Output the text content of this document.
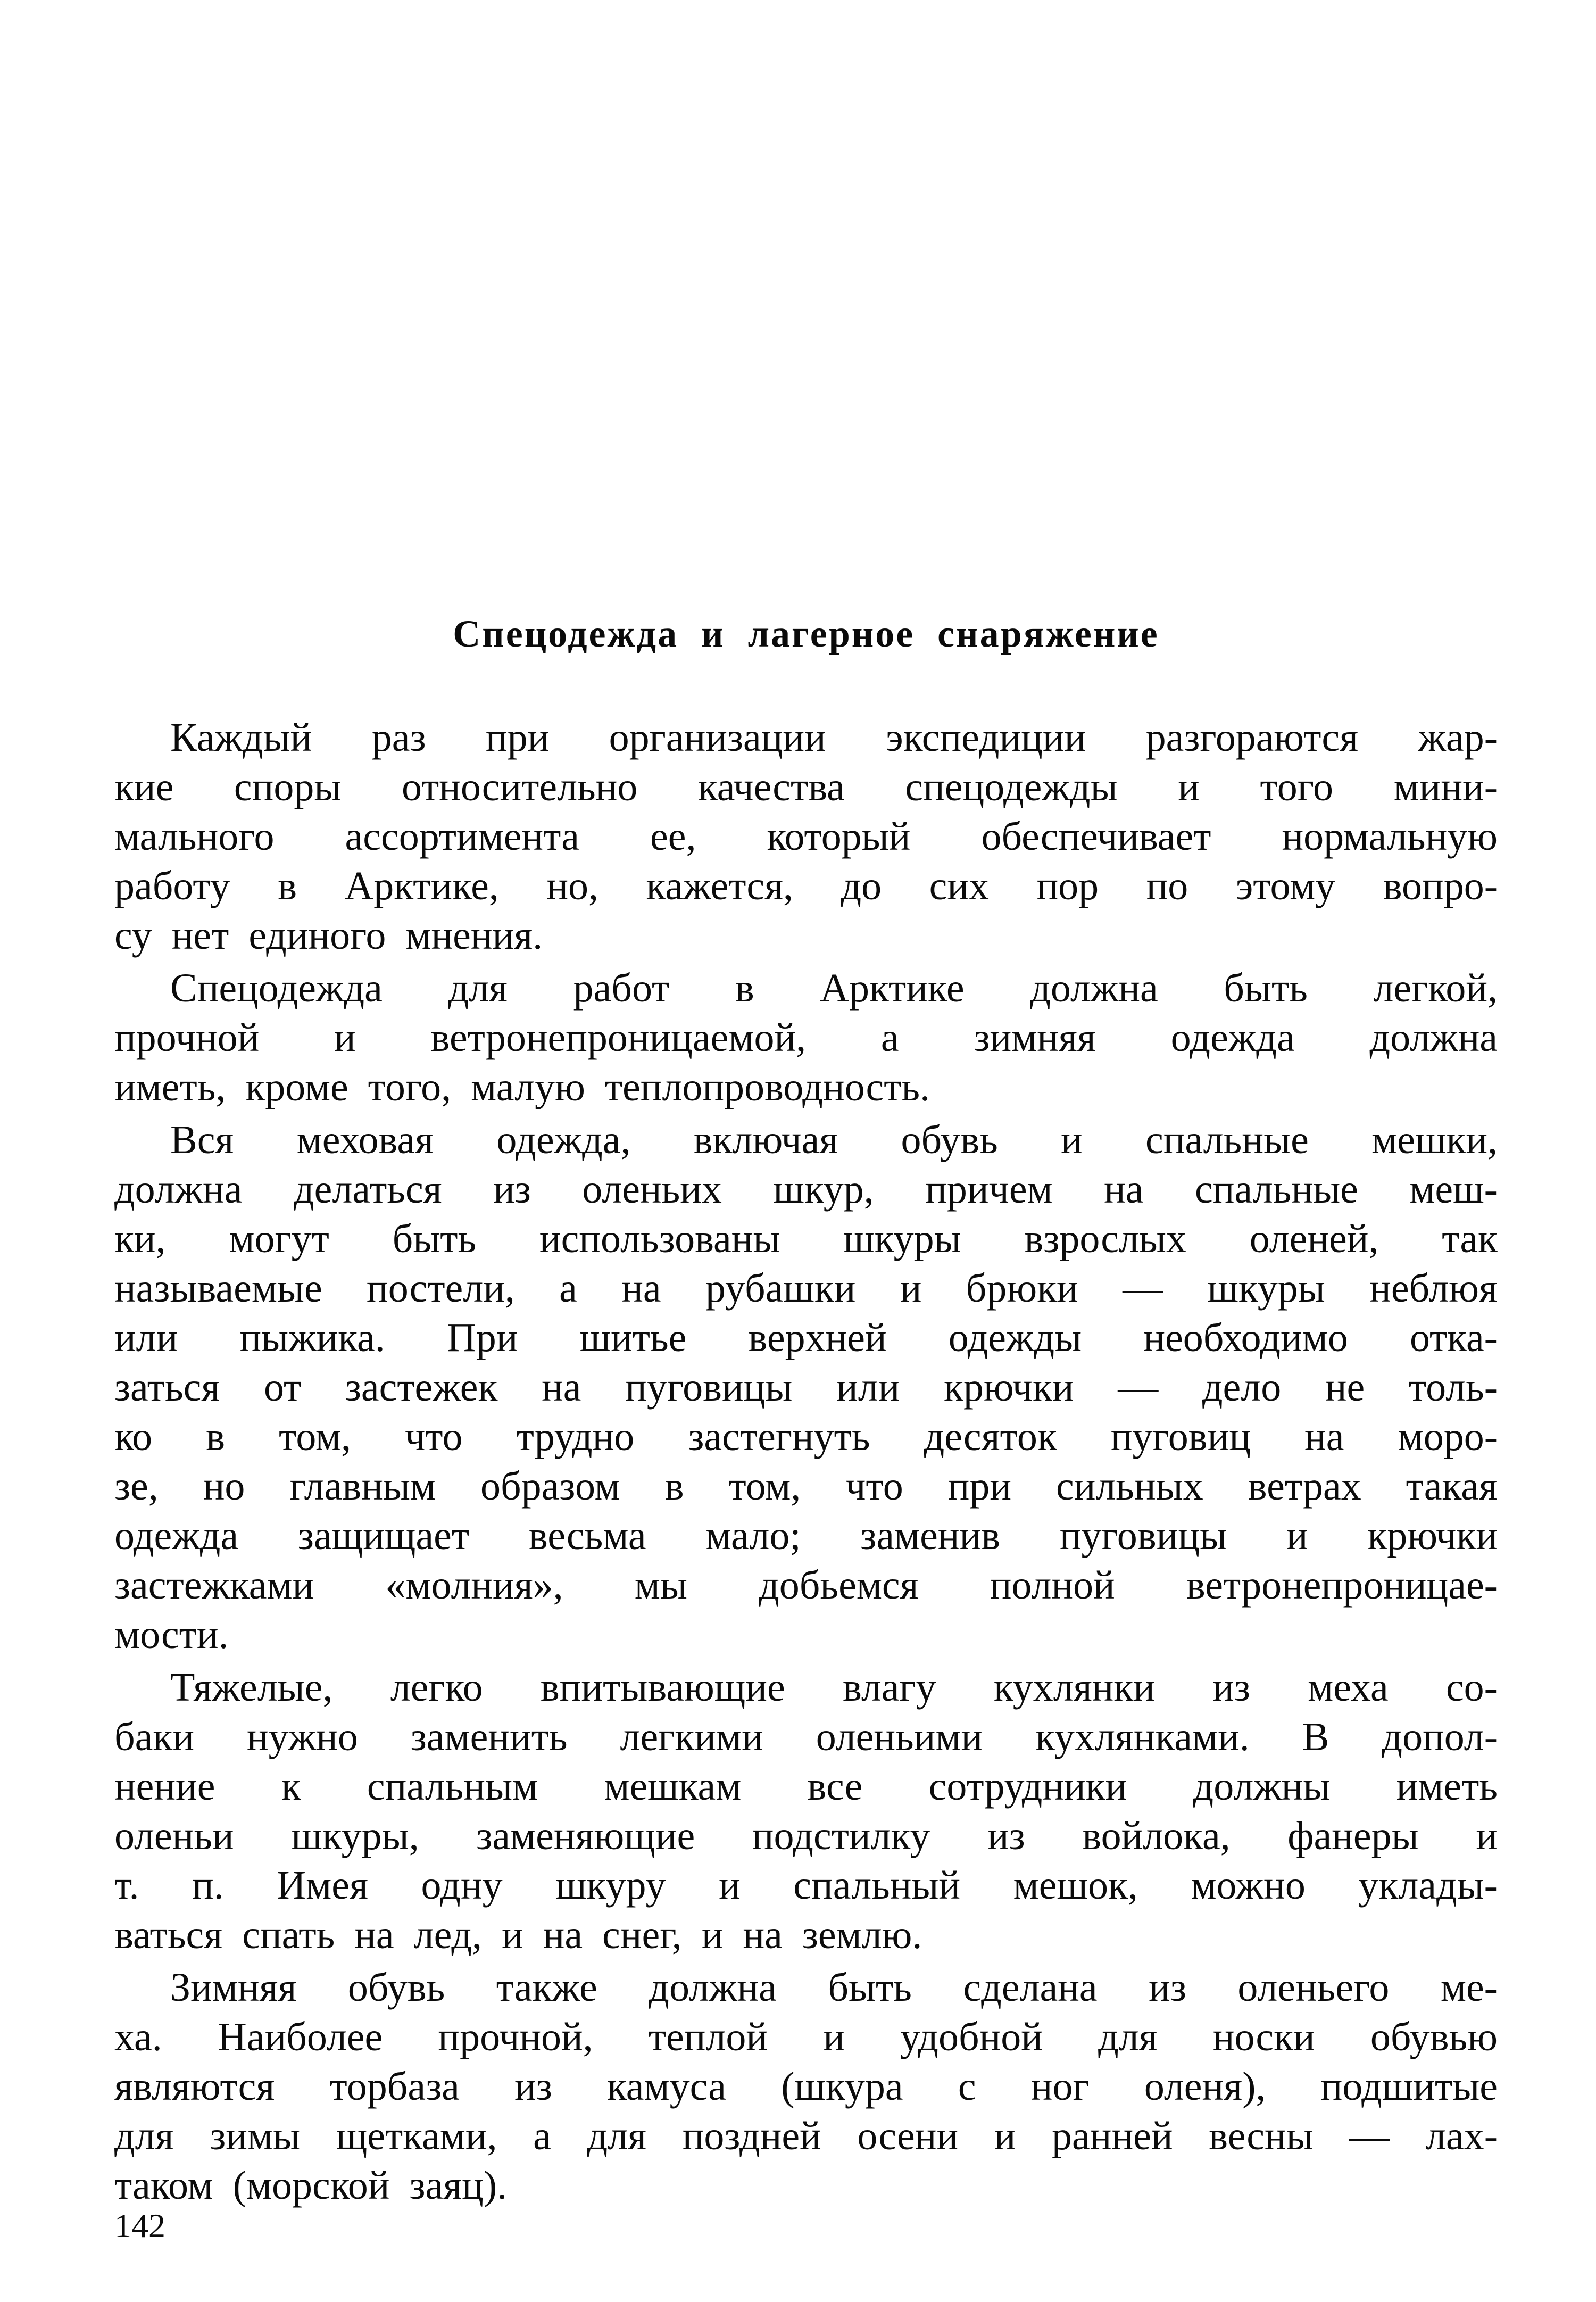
Спецодежда и лагерное снаряжение
Каждый раз при организации экспедиции разгораются жар-
кие споры относительно качества спецодежды и того мини-
мального ассортимента ее, который обеспечивает нормальную
работу в Арктике, но, кажется, до сих пор по этому вопро-
су нет единого мнения.
Спецодежда для работ в Арктике должна быть легкой,
прочной и ветронепроницаемой, а зимняя одежда должна
иметь, кроме того, малую теплопроводность.
Вся меховая одежда, включая обувь и спальные мешки,
должна делаться из оленьих шкур, причем на спальные меш-
ки, могут быть использованы шкуры взрослых оленей, так
называемые постели, а на рубашки и брюки — шкуры неблюя
или пыжика. При шитье верхней одежды необходимо отка-
заться от застежек на пуговицы или крючки — дело не толь-
ко в том, что трудно застегнуть десяток пуговиц на моро-
зе, но главным образом в том, что при сильных ветрах такая
одежда защищает весьма мало; заменив пуговицы и крючки
застежками «молния», мы добьемся полной ветронепроницае-
мости.
Тяжелые, легко впитывающие влагу кухлянки из меха со-
баки нужно заменить легкими оленьими кухлянками. В допол-
нение к спальным мешкам все сотрудники должны иметь
оленьи шкуры, заменяющие подстилку из войлока, фанеры и
т. п. Имея одну шкуру и спальный мешок, можно уклады-
ваться спать на лед, и на снег, и на землю.
Зимняя обувь также должна быть сделана из оленьего ме-
ха. Наиболее прочной, теплой и удобной для носки обувью
являются торбаза из камуса (шкура с ног оленя), подшитые
для зимы щетками, а для поздней осени и ранней весны — лах-
таком (морской заяц).
142
